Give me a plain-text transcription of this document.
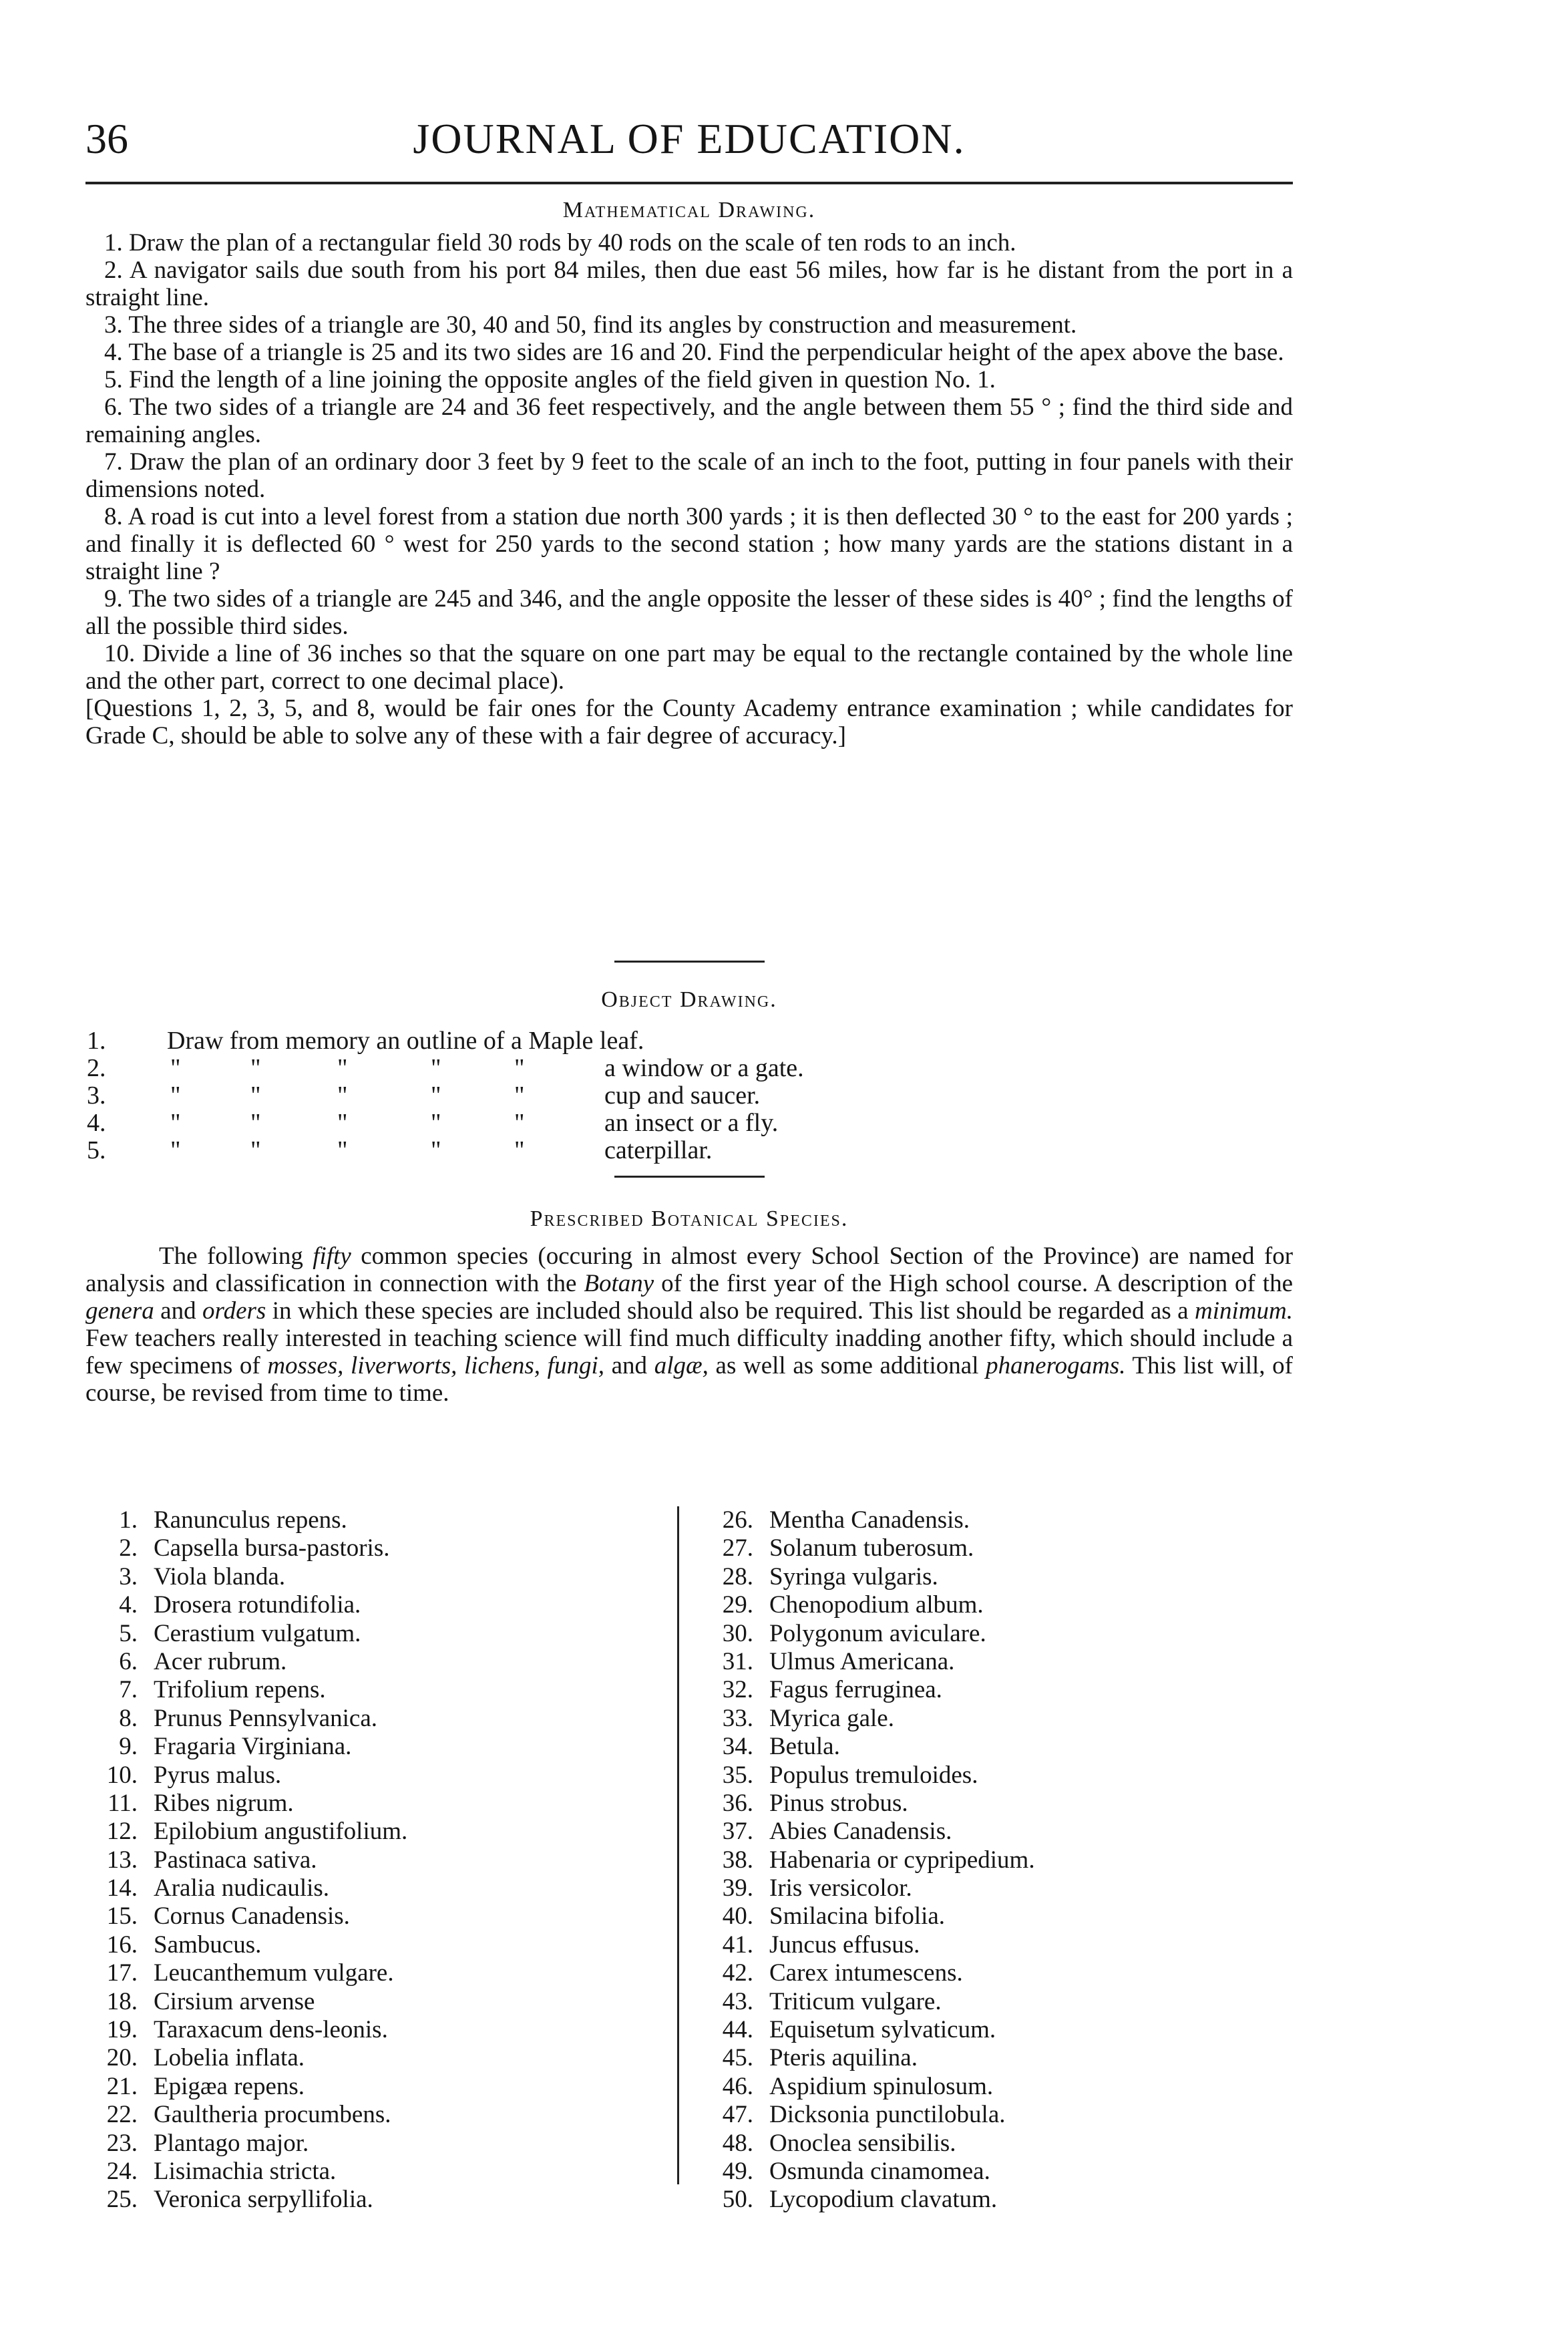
36	JOURNAL OF EDUCATION.
Mathematical Drawing.

1. Draw the plan of a rectangular field 30 rods by 40 rods on the scale of ten rods to an inch.

2. A navigator sails due south from his port 84 miles, then due east 56 miles, how far is he distant from the port in a straight line.

3. The three sides of a triangle are 30, 40 and 50, find its angles by construction and measurement.

4. The base of a triangle is 25 and its two sides are 16 and 20. Find the perpendicular height of the apex above the base.

5. Find the length of a line joining the opposite angles of the field given in question No. 1.

6. The two sides of a triangle are 24 and 36 feet respectively, and the angle between them 55 ° ; find the third side and remaining angles.

7. Draw the plan of an ordinary door 3 feet by 9 feet to the scale of an inch to the foot, putting in four panels with their dimensions noted.

8. A road is cut into a level forest from a station due north 300 yards ; it is then deflected 30 ° to the east for 200 yards ; and finally it is deflected 60 ° west for 250 yards to the second station ; how many yards are the stations distant in a straight line ?

9. The two sides of a triangle are 245 and 346, and the angle opposite the lesser of these sides is 40° ; find the lengths of all the possible third sides.

10. Divide a line of 36 inches so that the square on one part may be equal to the rectangle contained by the whole line and the other part, correct to one decimal place).

[Questions 1, 2, 3, 5, and 8, would be fair ones for the County Academy entrance examination ; while candidates for Grade C, should be able to solve any of these with a fair degree of accuracy.]

Object Drawing.
1. Draw from memory an outline of a Maple leaf.
2.	"	"	"	"	"	a window or a gate.
3.	"	"	"	"	"	cup and saucer.
4.	"	"	"	"	"	an insect or a fly.
5.	"	"	"	"	"	caterpillar.
Prescribed Botanical Species.
The following fifty common species (occuring in almost every School Section of the Province) are named for analysis and classification in connection with the Botany of the first year of the High school course. A description of the genera and orders in which these species are included should also be required. This list should be regarded as a minimum. Few teachers really interested in teaching science will find much difficulty inadding another fifty, which should include a few specimens of mosses, liverworts, lichens, fungi, and algæ, as well as some additional phanerogams. This list will, of course, be revised from time to time.
1. Ranunculus repens.
2. Capsella bursa-pastoris.
3. Viola blanda.
4. Drosera rotundifolia.
5. Cerastium vulgatum.
6. Acer rubrum.
7. Trifolium repens.
8. Prunus Pennsylvanica.
9. Fragaria Virginiana.
10. Pyrus malus.
11. Ribes nigrum.
12. Epilobium angustifolium.
13. Pastinaca sativa.
14. Aralia nudicaulis.
15. Cornus Canadensis.
16. Sambucus.
17. Leucanthemum vulgare.
18. Cirsium arvense
19. Taraxacum dens-leonis.
20. Lobelia inflata.
21. Epigæa repens.
22. Gaultheria procumbens.
23. Plantago major.
24. Lisimachia stricta.
25. Veronica serpyllifolia.
26. Mentha Canadensis.
27. Solanum tuberosum.
28. Syringa vulgaris.
29. Chenopodium album.
30. Polygonum aviculare.
31. Ulmus Americana.
32. Fagus ferruginea.
33. Myrica gale.
34. Betula.
35. Populus tremuloides.
36. Pinus strobus.
37. Abies Canadensis.
38. Habenaria or cypripedium.
39. Iris versicolor.
40. Smilacina bifolia.
41. Juncus effusus.
42. Carex intumescens.
43. Triticum vulgare.
44. Equisetum sylvaticum.
45. Pteris aquilina.
46. Aspidium spinulosum.
47. Dicksonia punctilobula.
48. Onoclea sensibilis.
49. Osmunda cinamomea.
50. Lycopodium clavatum.
